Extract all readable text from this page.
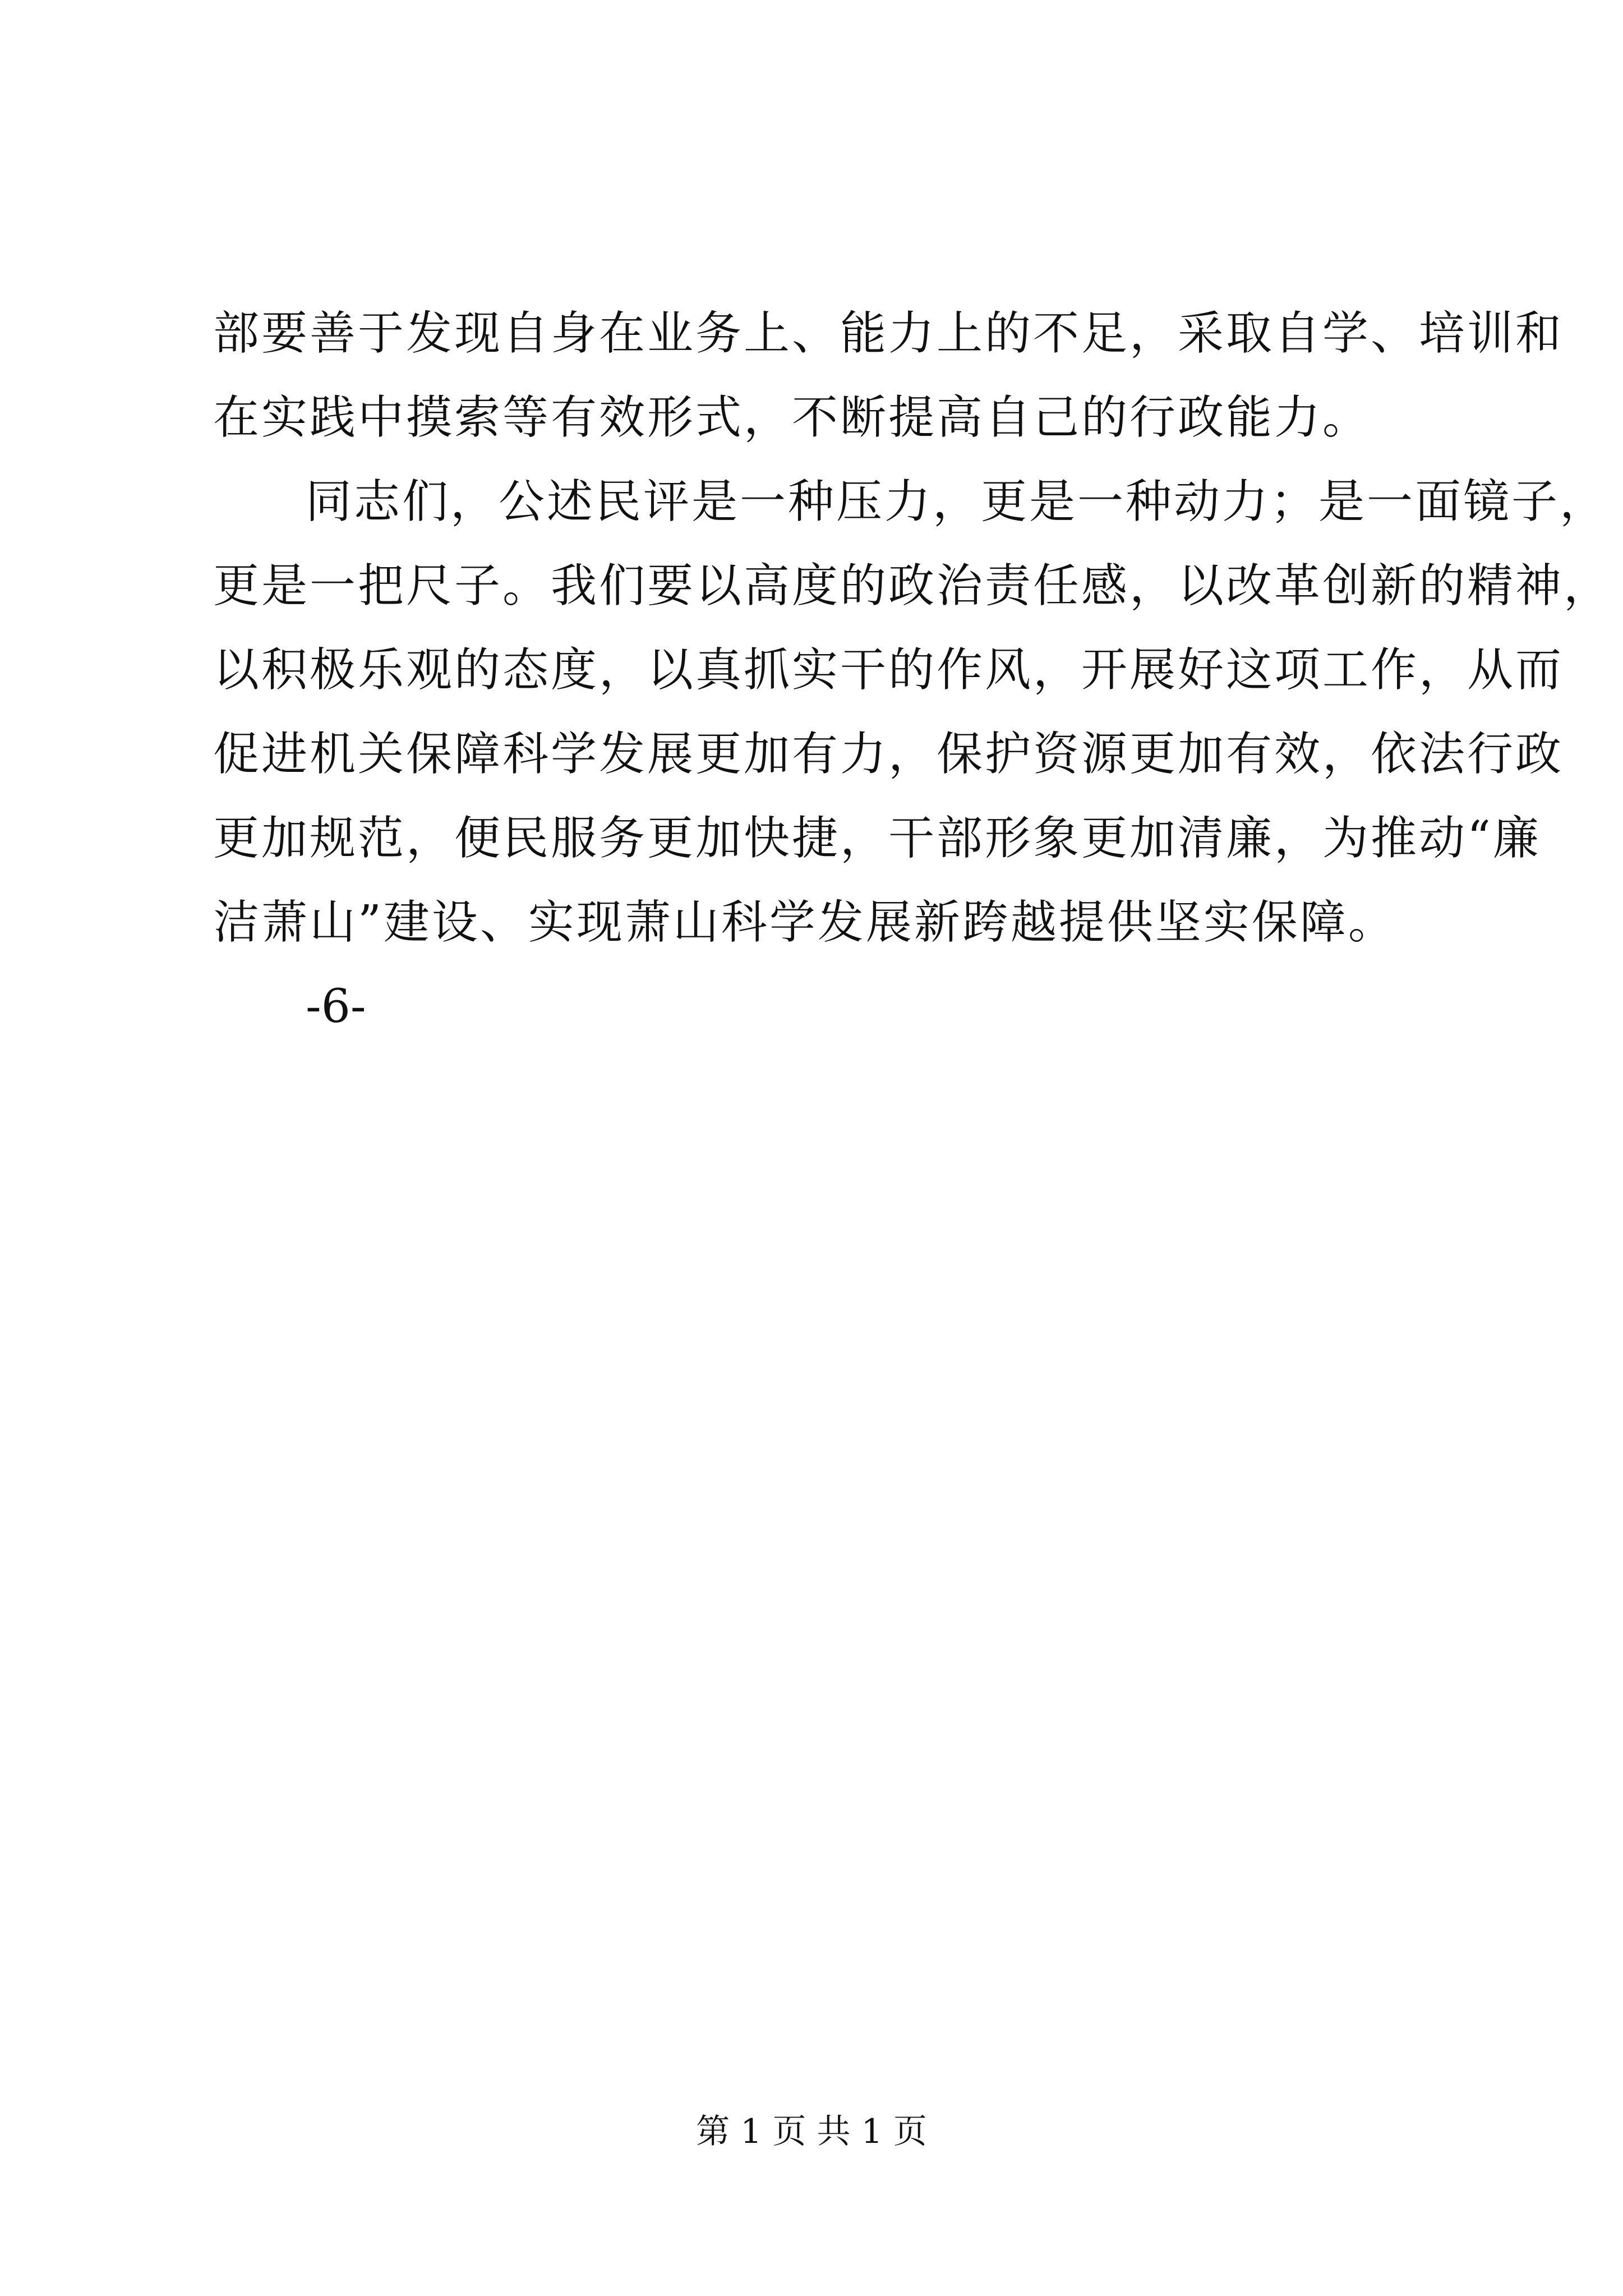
部要善于发现自身在业务上、能力上的不足，采取自学、培训和
在实践中摸索等有效形式，不断提高自己的行政能力。
同志们，公述民评是一种压力，更是一种动力；是一面镜子，
更是一把尺子。我们要以高度的政治责任感，以改革创新的精神，
以积极乐观的态度，以真抓实干的作风，开展好这项工作，从而
促进机关保障科学发展更加有力，保护资源更加有效，依法行政
更加规范，便民服务更加快捷，干部形象更加清廉，为推动“廉
洁萧山”建设、实现萧山科学发展新跨越提供坚实保障。
-6-
第 1 页 共 1 页
